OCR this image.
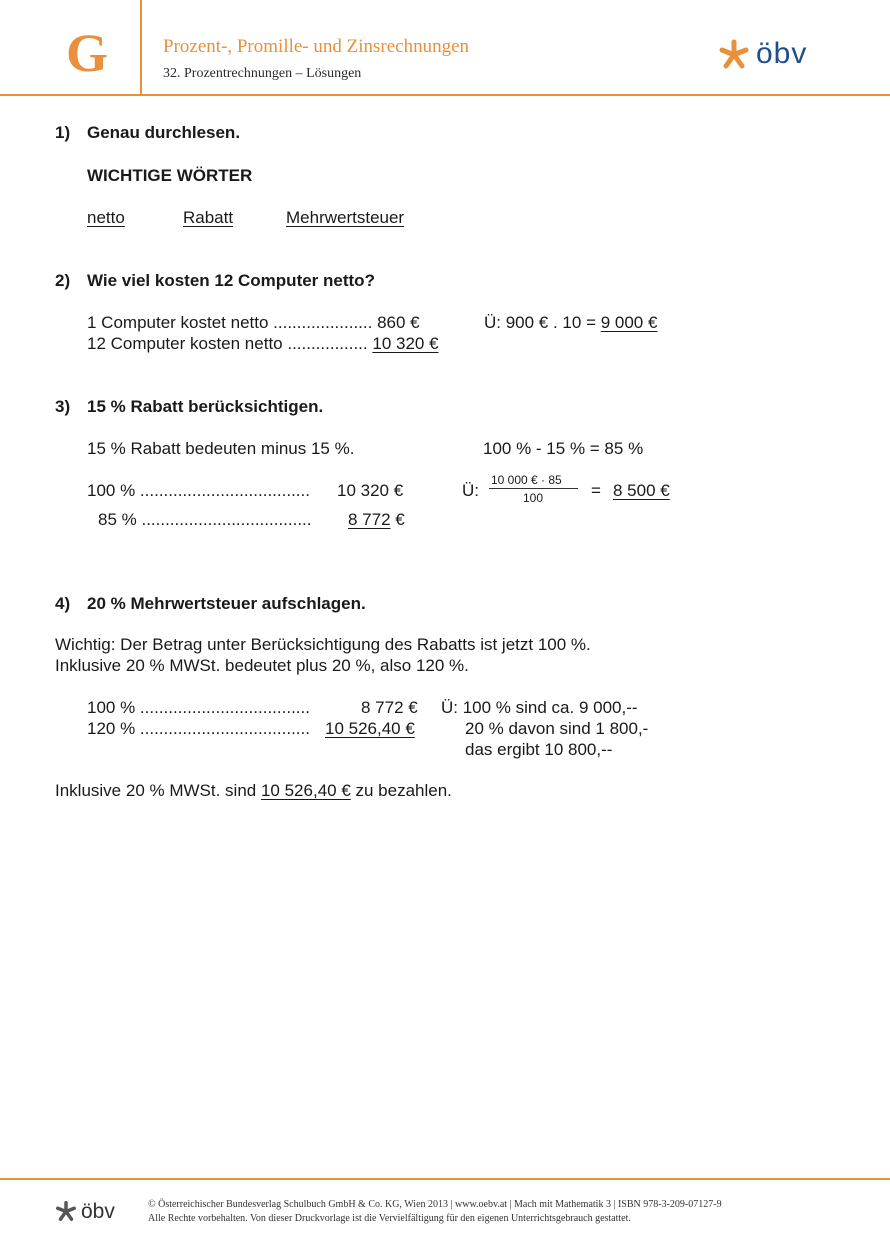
G	Prozent-, Promille- und Zinsrechnungen
32. Prozentrechnungen – Lösungen
öbv
1) Genau durchlesen.
WICHTIGE WÖRTER
netto	Rabatt	Mehrwertsteuer
2) Wie viel kosten 12 Computer netto?
1 Computer kostet netto ..................... 860 €	Ü: 900 € . 10 = 9 000 €
12 Computer kosten netto ................. 10 320 €
3) 15 % Rabatt berücksichtigen.
15 % Rabatt bedeuten minus 15 %.	100 % - 15 % = 85 %
100 % .................................... 10 320 €
85 % .................................... 8 772 €
Ü:
10 000 € · 85
100	= 8 500 €
4) 20 % Mehrwertsteuer aufschlagen.
Wichtig: Der Betrag unter Berücksichtigung des Rabatts ist jetzt 100 %.
Inklusive 20 % MWSt. bedeutet plus 20 %, also 120 %.
100 % ....................................	8 772 €
120 % .................................... 10 526,40 €
Ü: 100 % sind ca. 9 000,--
20 % davon sind 1 800,-
das ergibt 10 800,--
Inklusive 20 % MWSt. sind 10 526,40 € zu bezahlen.
öbv	© Österreichischer Bundesverlag Schulbuch GmbH & Co. KG, Wien 2013 | www.oebv.at | Mach mit Mathematik 3 | ISBN 978-3-209-07127-9
Alle Rechte vorbehalten. Von dieser Druckvorlage ist die Vervielfältigung für den eigenen Unterrichtsgebrauch gestattet.
